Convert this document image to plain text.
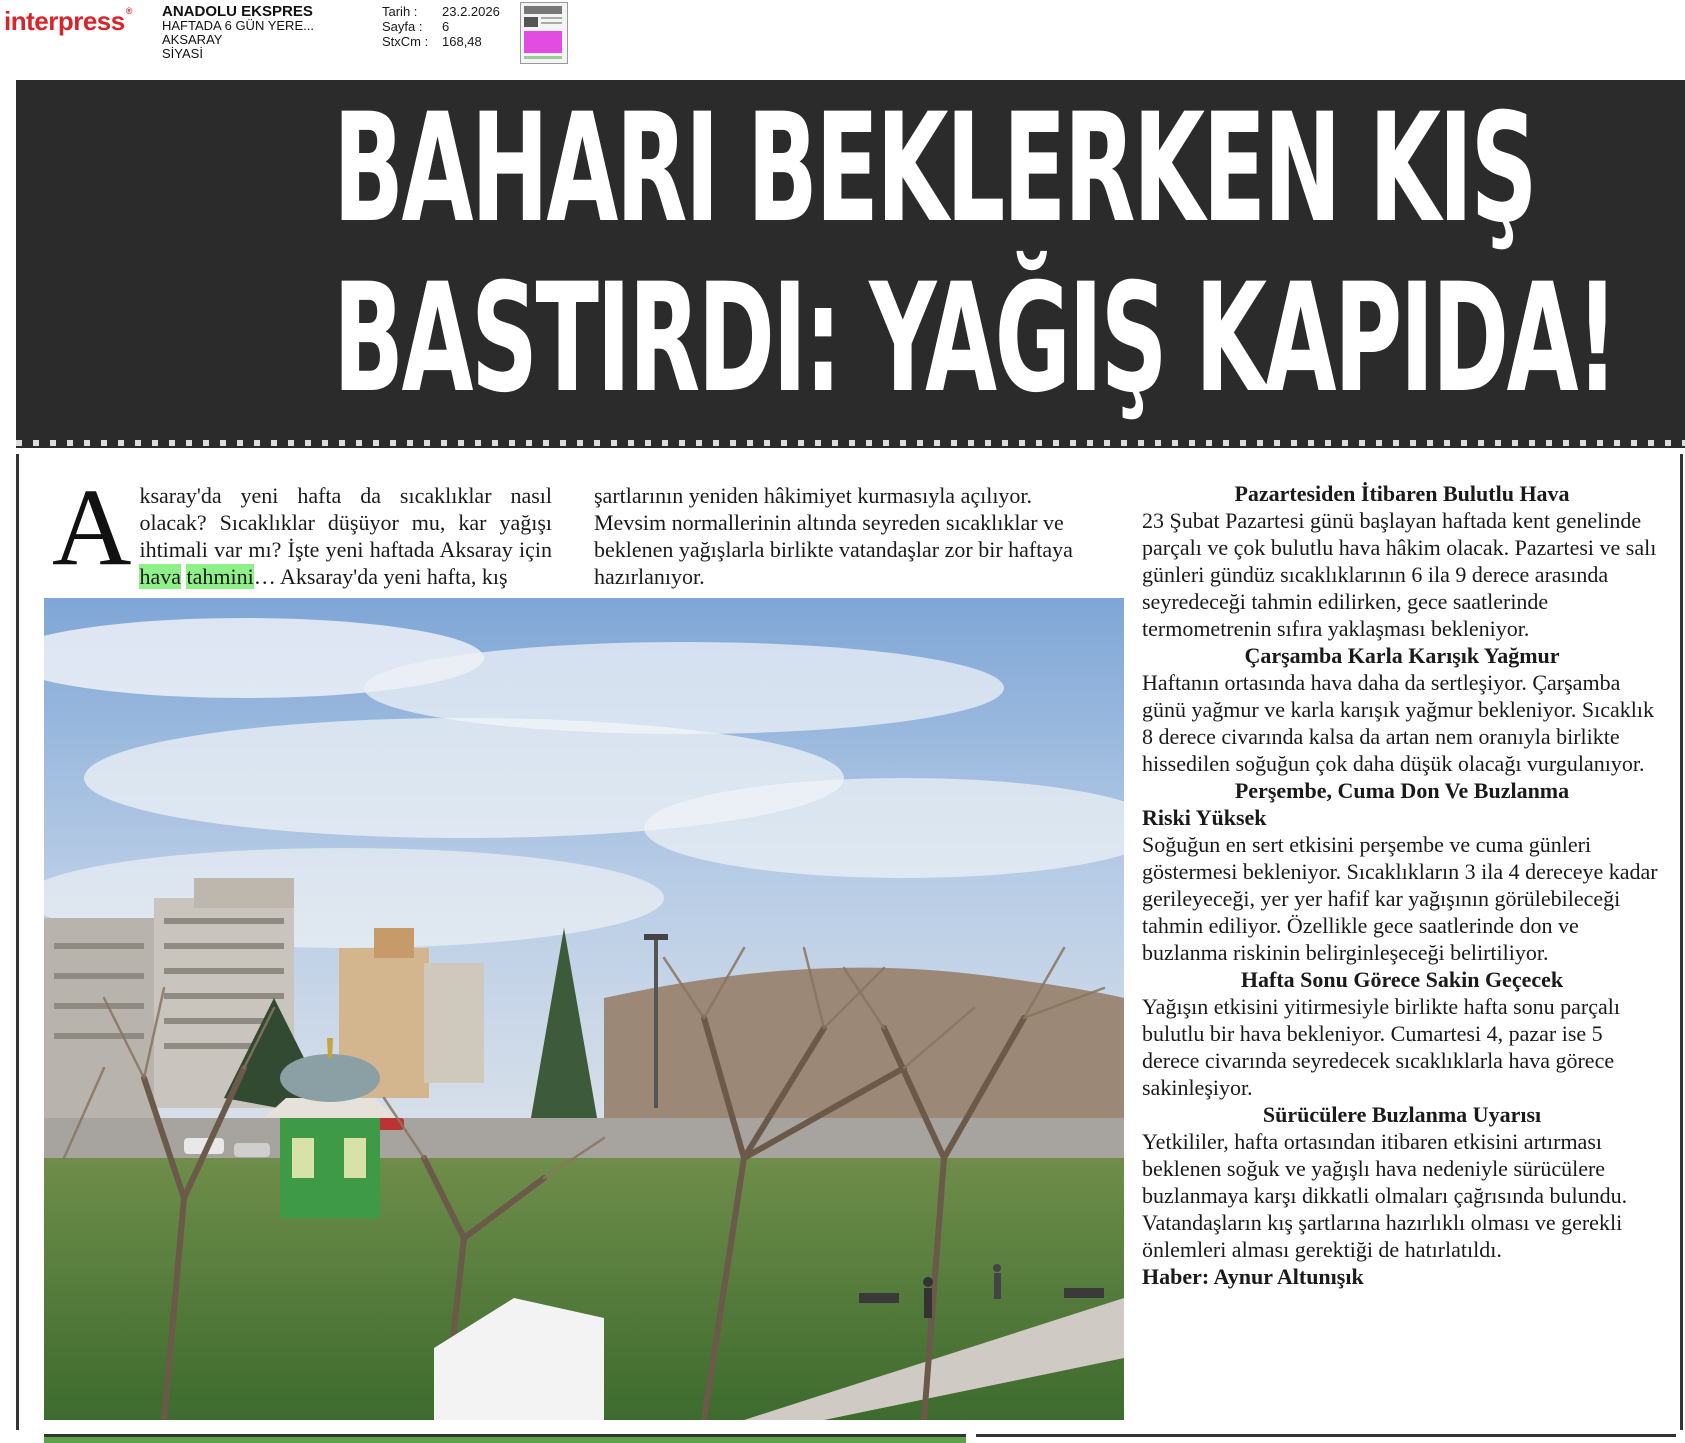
interpress® ANADOLU EKSPRES
HAFTADA 6 GÜN YERE...
AKSARAY
SİYASİ
Tarih :	23.2.2026
Sayfa :	6
StxCm :	168,48
BAHARI BEKLERKEN KIŞ
BASTIRDI: YAĞIŞ KAPIDA!
Aksaray'da yeni hafta da sıcaklıklar nasıl olacak? Sıcaklıklar düşüyor mu, kar yağışı ihtimali var mı? İşte yeni haftada Aksaray için hava tahmini… Aksaray'da yeni hafta, kış
şartlarının yeniden hâkimiyet kurmasıyla açılıyor. Mevsim normallerinin altında seyreden sıcaklıklar ve beklenen yağışlarla birlikte vatandaşlar zor bir haftaya hazırlanıyor.
Pazartesiden İtibaren Bulutlu Hava

23 Şubat Pazartesi günü başlayan haftada kent genelinde parçalı ve çok bulutlu hava hâkim olacak. Pazartesi ve salı günleri gündüz sıcaklıklarının 6 ila 9 derece arasında seyredeceği tahmin edilirken, gece saatlerinde termometrenin sıfıra yaklaşması bekleniyor.

Çarşamba Karla Karışık Yağmur

Haftanın ortasında hava daha da sertleşiyor. Çarşamba günü yağmur ve karla karışık yağmur bekleniyor. Sıcaklık 8 derece civarında kalsa da artan nem oranıyla birlikte hissedilen soğuğun çok daha düşük olacağı vurgulanıyor.

Perşembe, Cuma Don Ve Buzlanma
Riski Yüksek

Soğuğun en sert etkisini perşembe ve cuma günleri göstermesi bekleniyor. Sıcaklıkların 3 ila 4 dereceye kadar gerileyeceği, yer yer hafif kar yağışının görülebileceği tahmin ediliyor. Özellikle gece saatlerinde don ve buzlanma riskinin belirginleşeceği belirtiliyor.

Hafta Sonu Görece Sakin Geçecek

Yağışın etkisini yitirmesiyle birlikte hafta sonu parçalı bulutlu bir hava bekleniyor. Cumartesi 4, pazar ise 5 derece civarında seyredecek sıcaklıklarla hava görece sakinleşiyor.

Sürücülere Buzlanma Uyarısı

Yetkililer, hafta ortasından itibaren etkisini artırması beklenen soğuk ve yağışlı hava nedeniyle sürücülere buzlanmaya karşı dikkatli olmaları çağrısında bulundu.

Vatandaşların kış şartlarına hazırlıklı olması ve gerekli önlemleri alması gerektiği de hatırlatıldı.

Haber: Aynur Altunışık
